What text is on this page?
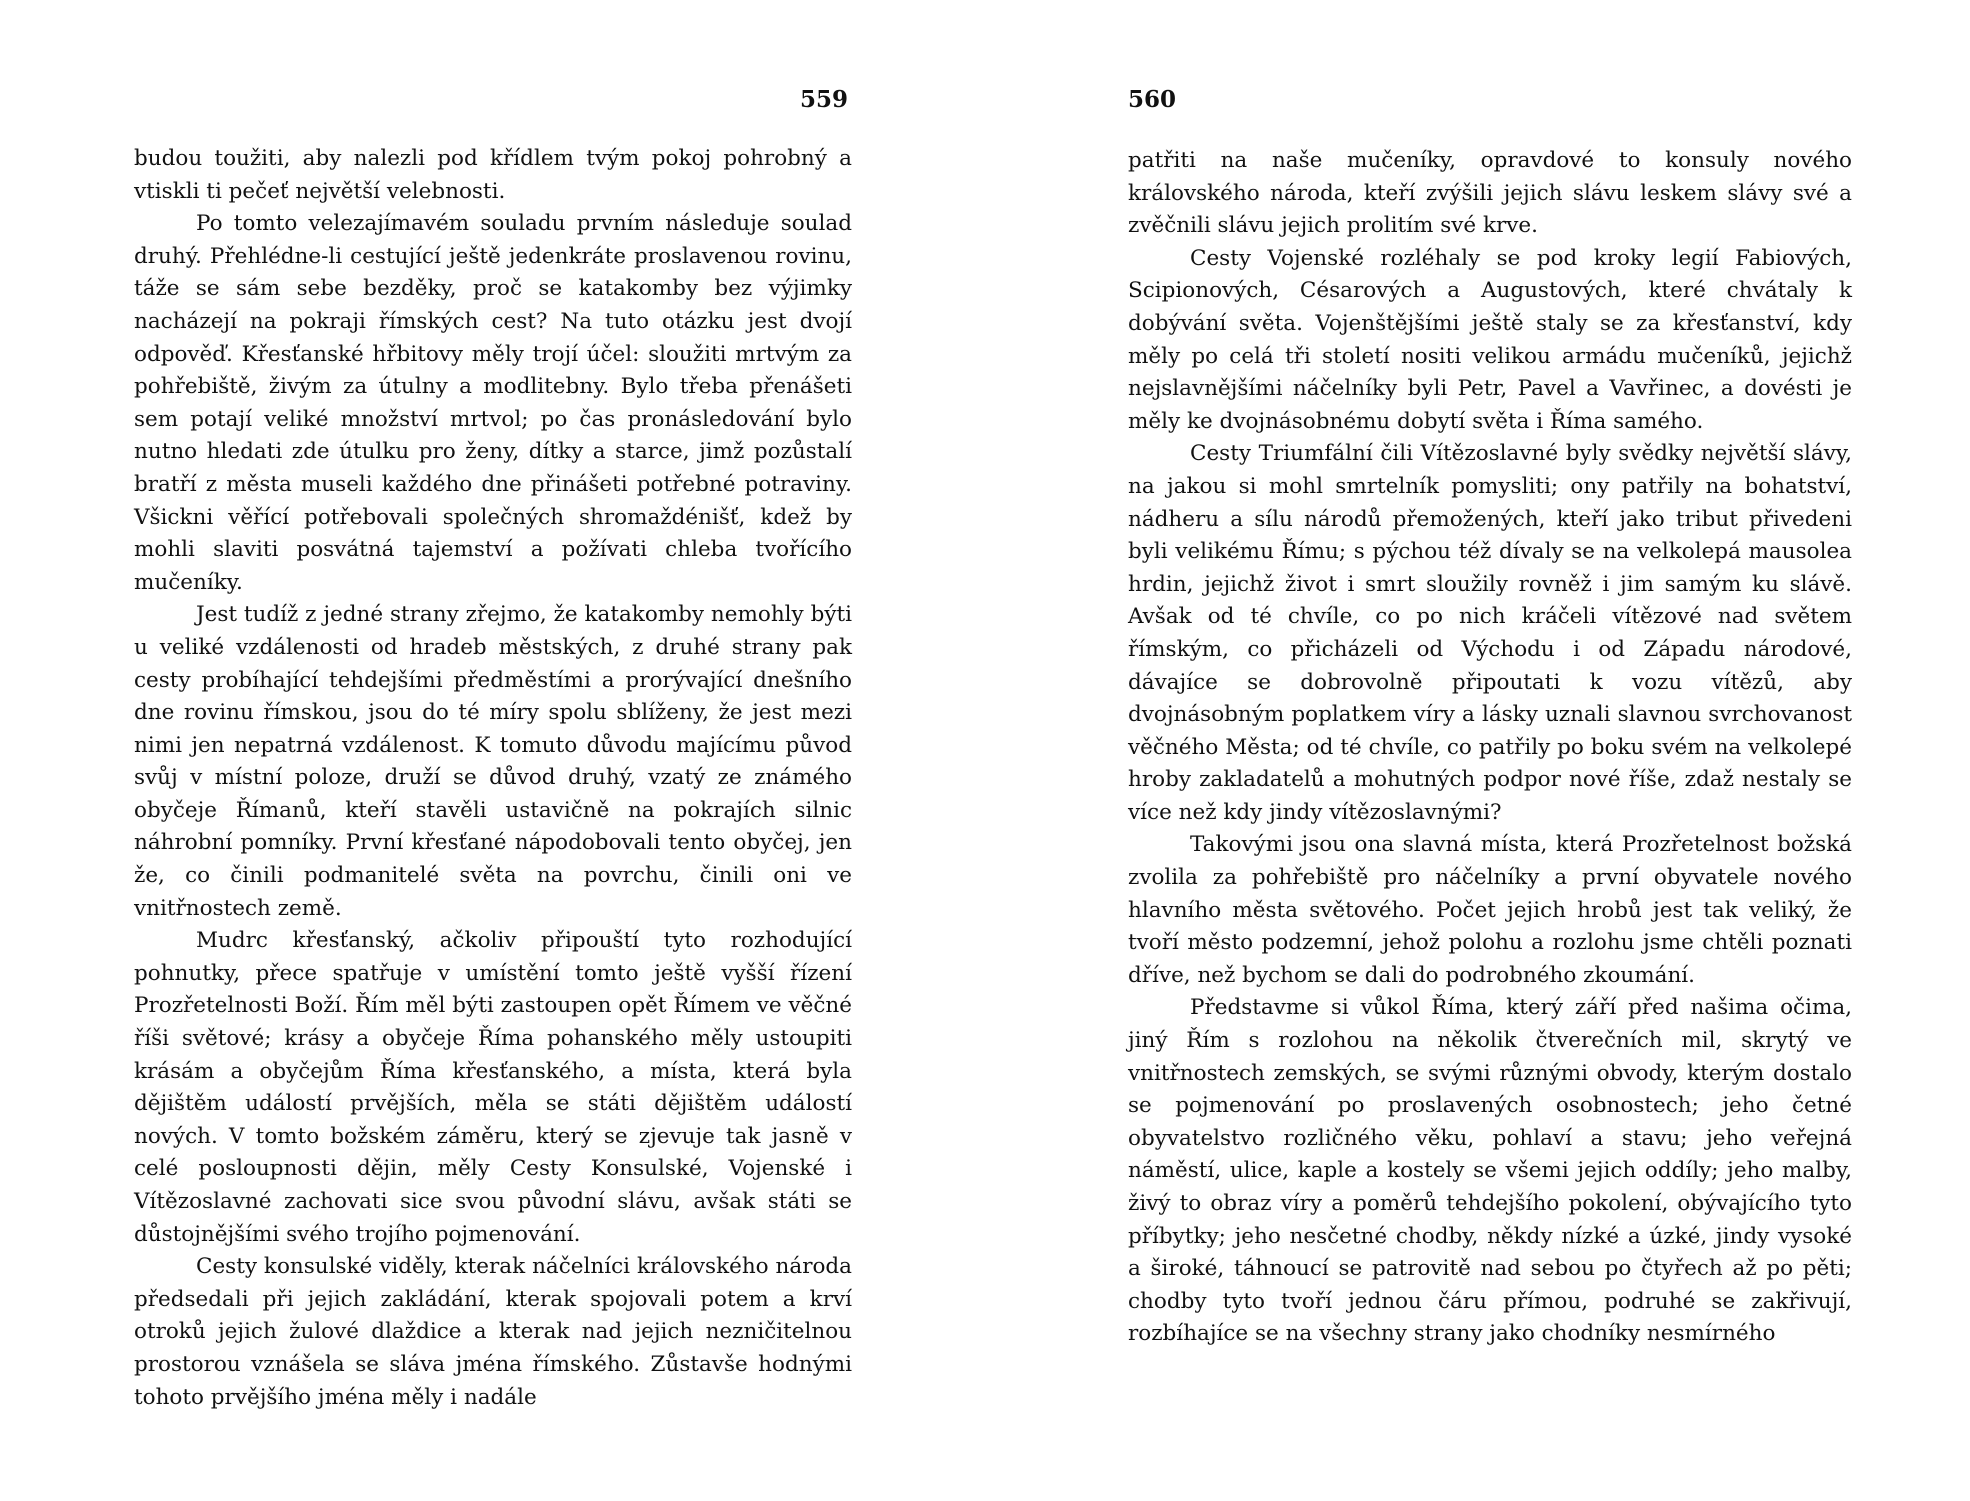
559

budou toužiti, aby nalezli pod křídlem tvým pokoj pohrobný a vtiskli ti pečeť největší velebnosti.

Po tomto velezajímavém souladu prvním následuje soulad druhý. Přehlédne-li cestující ještě jedenkráte proslavenou rovinu, táže se sám sebe bezděky, proč se katakomby bez výjimky nacházejí na pokraji římských cest? Na tuto otázku jest dvojí odpověď. Křesťanské hřbitovy měly trojí účel: sloužiti mrtvým za pohřebiště, živým za útulny a modlitebny. Bylo třeba přenášeti sem potají veliké množství mrtvol; po čas pronásledování bylo nutno hledati zde útulku pro ženy, dítky a starce, jimž pozůstalí bratří z města museli každého dne přinášeti potřebné potraviny. Všickni věřící potřebovali společných shromaždénišť, kdež by mohli slaviti posvátná tajemství a požívati chleba tvořícího mučeníky.

Jest tudíž z jedné strany zřejmo, že katakomby nemohly býti u veliké vzdálenosti od hradeb městských, z druhé strany pak cesty probíhající tehdejšími předměstími a prorývající dnešního dne rovinu římskou, jsou do té míry spolu sblíženy, že jest mezi nimi jen nepatrná vzdálenost. K tomuto důvodu majícímu původ svůj v místní poloze, druží se důvod druhý, vzatý ze známého obyčeje Římanů, kteří stavěli ustavičně na pokrajích silnic náhrobní pomníky. První křesťané nápodobovali tento obyčej, jen že, co činili podmanitelé světa na povrchu, činili oni ve vnitřnostech země.

Mudrc křesťanský, ačkoliv připouští tyto rozhodující pohnutky, přece spatřuje v umístění tomto ještě vyšší řízení Prozřetelnosti Boží. Řím měl býti zastoupen opět Římem ve věčné říši světové; krásy a obyčeje Říma pohanského měly ustoupiti krásám a obyčejům Říma křesťanského, a místa, která byla dějištěm událostí prvějších, měla se státi dějištěm událostí nových. V tomto božském záměru, který se zjevuje tak jasně v celé posloupnosti dějin, měly Cesty Konsulské, Vojenské i Vítězoslavné zachovati sice svou původní slávu, avšak státi se důstojnějšími svého trojího pojmenování.

Cesty konsulské viděly, kterak náčelníci královského národa předsedali při jejich zakládání, kterak spojovali potem a krví otroků jejich žulové dlaždice a kterak nad jejich nezničitelnou prostorou vznášela se sláva jména římského. Zůstavše hodnými tohoto prvějšího jména měly i nadále

560

patřiti na naše mučeníky, opravdové to konsuly nového královského národa, kteří zvýšili jejich slávu leskem slávy své a zvěčnili slávu jejich prolitím své krve.

Cesty Vojenské rozléhaly se pod kroky legií Fabiových, Scipionových, Césarových a Augustových, které chvátaly k dobývání světa. Vojenštějšími ještě staly se za křesťanství, kdy měly po celá tři století nositi velikou armádu mučeníků, jejichž nejslavnějšími náčelníky byli Petr, Pavel a Vavřinec, a dovésti je měly ke dvojnásobnému dobytí světa i Říma samého.

Cesty Triumfální čili Vítězoslavné byly svědky největší slávy, na jakou si mohl smrtelník pomysliti; ony patřily na bohatství, nádheru a sílu národů přemožených, kteří jako tribut přivedeni byli velikému Římu; s pýchou též dívaly se na velkolepá mausolea hrdin, jejichž život i smrt sloužily rovněž i jim samým ku slávě. Avšak od té chvíle, co po nich kráčeli vítězové nad světem římským, co přicházeli od Východu i od Západu národové, dávajíce se dobrovolně připoutati k vozu vítězů, aby dvojnásobným poplatkem víry a lásky uznali slavnou svrchovanost věčného Města; od té chvíle, co patřily po boku svém na velkolepé hroby zakladatelů a mohutných podpor nové říše, zdaž nestaly se více než kdy jindy vítězoslavnými?

Takovými jsou ona slavná místa, která Prozřetelnost božská zvolila za pohřebiště pro náčelníky a první obyvatele nového hlavního města světového. Počet jejich hrobů jest tak veliký, že tvoří město podzemní, jehož polohu a rozlohu jsme chtěli poznati dříve, než bychom se dali do podrobného zkoumání.

Představme si vůkol Říma, který září před našima očima, jiný Řím s rozlohou na několik čtverečních mil, skrytý ve vnitřnostech zemských, se svými různými obvody, kterým dostalo se pojmenování po proslavených osobnostech; jeho četné obyvatelstvo rozličného věku, pohlaví a stavu; jeho veřejná náměstí, ulice, kaple a kostely se všemi jejich oddíly; jeho malby, živý to obraz víry a poměrů tehdejšího pokolení, obývajícího tyto příbytky; jeho nesčetné chodby, někdy nízké a úzké, jindy vysoké a široké, táhnoucí se patrovitě nad sebou po čtyřech až po pěti; chodby tyto tvoří jednou čáru přímou, podruhé se zakřivují, rozbíhajíce se na všechny strany jako chodníky nesmírného
